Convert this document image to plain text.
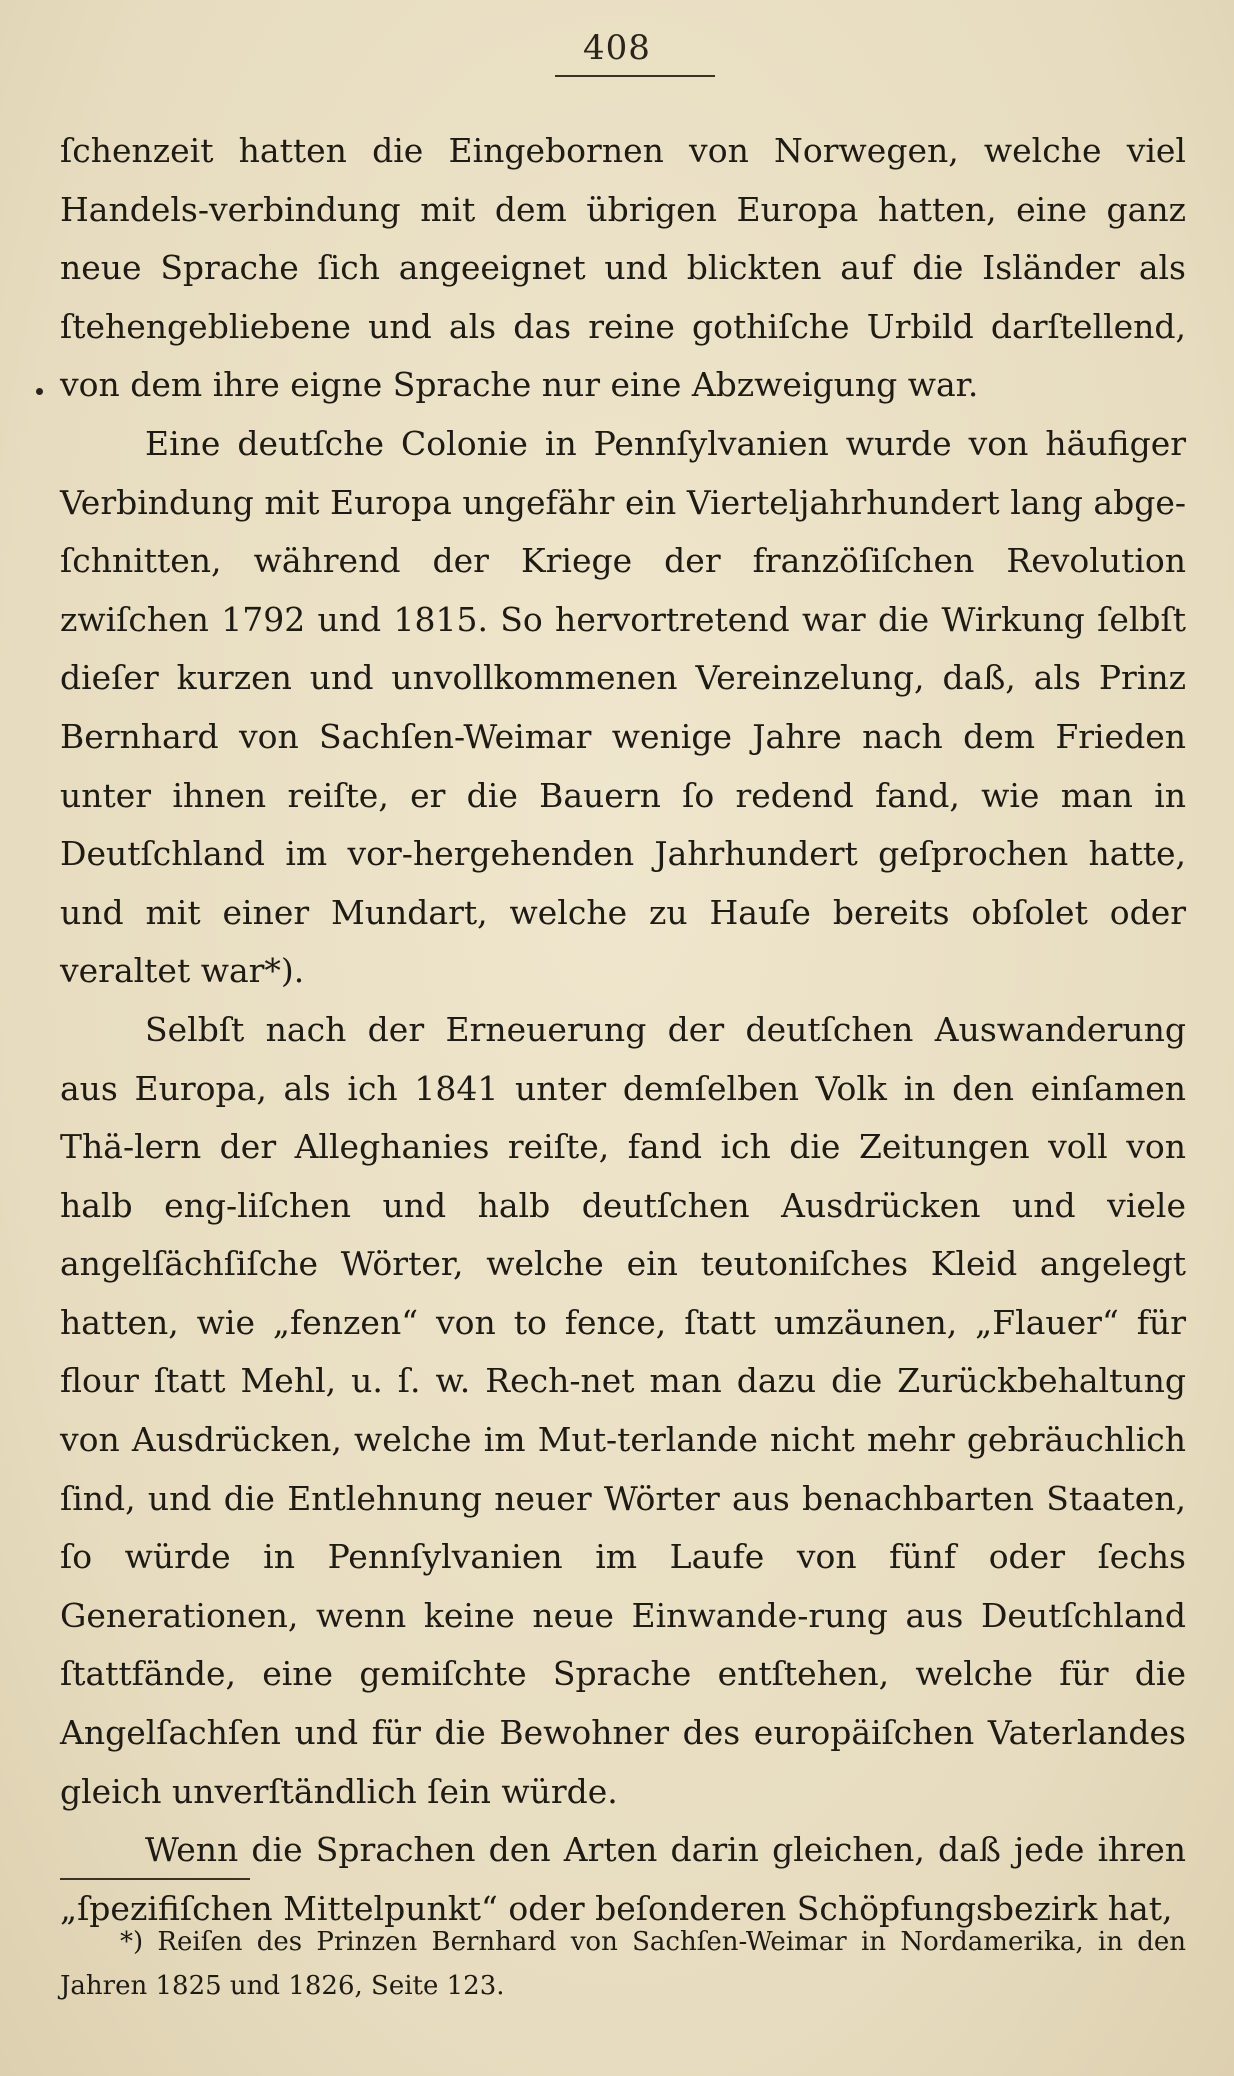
408

ſchenzeit hatten die Eingebornen von Norwegen, welche viel Handels-verbindung mit dem übrigen Europa hatten, eine ganz neue Sprache ſich angeeignet und blickten auf die Isländer als ſtehengebliebene und als das reine gothiſche Urbild darſtellend, von dem ihre eigne Sprache nur eine Abzweigung war.

Eine deutſche Colonie in Pennſylvanien wurde von häufiger Verbindung mit Europa ungefähr ein Vierteljahrhundert lang abge-ſchnitten, während der Kriege der franzöſiſchen Revolution zwiſchen 1792 und 1815. So hervortretend war die Wirkung ſelbſt dieſer kurzen und unvollkommenen Vereinzelung, daß, als Prinz Bernhard von Sachſen-Weimar wenige Jahre nach dem Frieden unter ihnen reiſte, er die Bauern ſo redend fand, wie man in Deutſchland im vor-hergehenden Jahrhundert geſprochen hatte, und mit einer Mundart, welche zu Hauſe bereits obſolet oder veraltet war*).

Selbſt nach der Erneuerung der deutſchen Auswanderung aus Europa, als ich 1841 unter demſelben Volk in den einſamen Thä-lern der Alleghanies reiſte, fand ich die Zeitungen voll von halb eng-liſchen und halb deutſchen Ausdrücken und viele angelſächſiſche Wörter, welche ein teutoniſches Kleid angelegt hatten, wie „fenzen“ von to fence, ſtatt umzäunen, „Flauer“ für flour ſtatt Mehl, u. ſ. w. Rech-net man dazu die Zurückbehaltung von Ausdrücken, welche im Mut-terlande nicht mehr gebräuchlich ſind, und die Entlehnung neuer Wörter aus benachbarten Staaten, ſo würde in Pennſylvanien im Laufe von fünf oder ſechs Generationen, wenn keine neue Einwande-rung aus Deutſchland ſtattfände, eine gemiſchte Sprache entſtehen, welche für die Angelſachſen und für die Bewohner des europäiſchen Vaterlandes gleich unverſtändlich ſein würde.

Wenn die Sprachen den Arten darin gleichen, daß jede ihren „ſpezifiſchen Mittelpunkt“ oder beſonderen Schöpfungsbezirk hat,

*) Reiſen des Prinzen Bernhard von Sachſen-Weimar in Nordamerika, in den Jahren 1825 und 1826, Seite 123.
